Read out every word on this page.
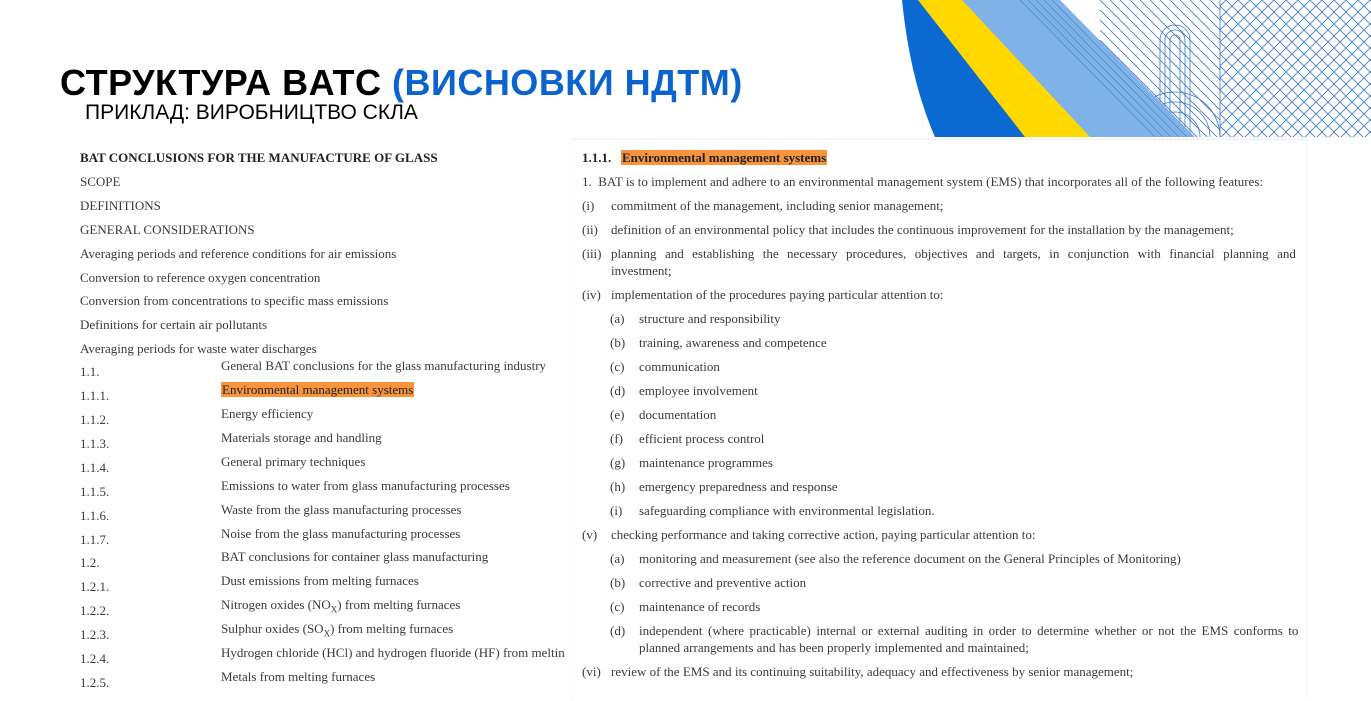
СТРУКТУРА BATC (ВИСНОВКИ НДТМ)
ПРИКЛАД: ВИРОБНИЦТВО СКЛА
BAT CONCLUSIONS FOR THE MANUFACTURE OF GLASS
SCOPE
DEFINITIONS
GENERAL CONSIDERATIONS
Averaging periods and reference conditions for air emissions
Conversion to reference oxygen concentration
Conversion from concentrations to specific mass emissions
Definitions for certain air pollutants
Averaging periods for waste water discharges
1.1.	General BAT conclusions for the glass manufacturing industry
1.1.1.	Environmental management systems
1.1.2.	Energy efficiency
1.1.3.	Materials storage and handling
1.1.4.	General primary techniques
1.1.5.	Emissions to water from glass manufacturing processes
1.1.6.	Waste from the glass manufacturing processes
1.1.7.	Noise from the glass manufacturing processes
1.2.	BAT conclusions for container glass manufacturing
1.2.1.	Dust emissions from melting furnaces
1.2.2.	Nitrogen oxides $(NO_X)$ from melting furnaces
1.2.3.	Sulphur oxides $(SO_X)$ from melting furnaces
1.2.4.	Hydrogen chloride (HCl) and hydrogen fluoride (HF) from meltin
1.2.5.	Metals from melting furnaces
1.1.1. Environmental management systems
1. BAT is to implement and adhere to an environmental management system (EMS) that incorporates all of the following features:
(i) commitment of the management, including senior management;
(ii) definition of an environmental policy that includes the continuous improvement for the installation by the management;
(iii) planning and establishing the necessary procedures, objectives and targets, in conjunction with financial planning and
investment;
(iv) implementation of the procedures paying particular attention to:
(a) structure and responsibility
(b) training, awareness and competence
(c) communication
(d) employee involvement
(e) documentation
(f) efficient process control
(g) maintenance programmes
(h) emergency preparedness and response
(i) safeguarding compliance with environmental legislation.
(v) checking performance and taking corrective action, paying particular attention to:
(a) monitoring and measurement (see also the reference document on the General Principles of Monitoring)
(b) corrective and preventive action
(c) maintenance of records
(d) independent (where practicable) internal or external auditing in order to determine whether or not the EMS conforms to
planned arrangements and has been properly implemented and maintained;
(vi) review of the EMS and its continuing suitability, adequacy and effectiveness by senior management;
